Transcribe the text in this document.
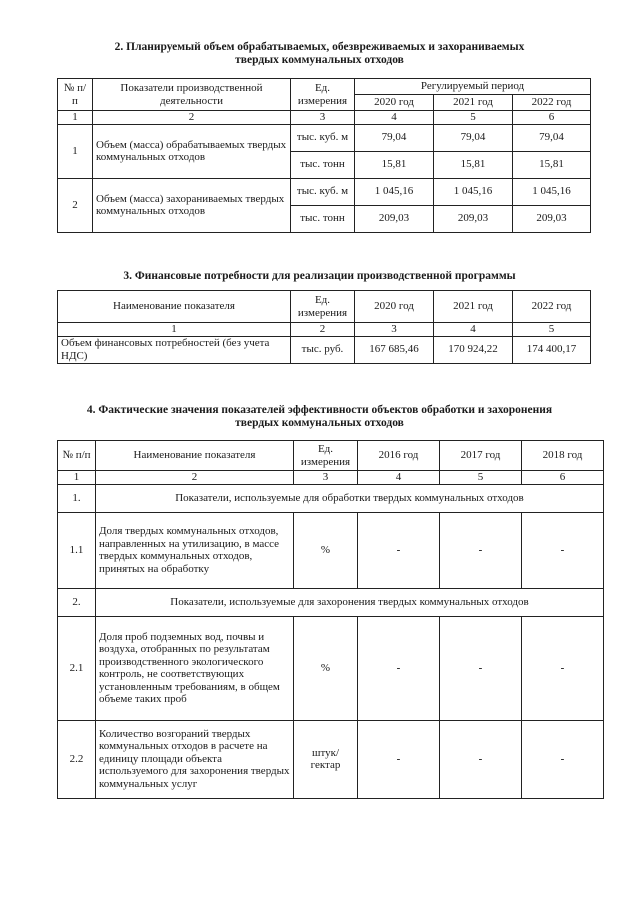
2. Планируемый объем обрабатываемых, обезвреживаемых и захораниваемых
твердых коммунальных отходов
№ п/п	Показатели производственной деятельности	Ед. измерения	Регулируемый период		
			2020 год	2021 год	2022 год
1	2	3	4	5	6
1	Объем (масса) обрабатываемых твердых коммунальных отходов	тыс. куб. м	79,04	79,04	79,04
		тыс. тонн	15,81	15,81	15,81
2	Объем (масса) захораниваемых твердых коммунальных отходов	тыс. куб. м	1 045,16	1 045,16	1 045,16
		тыс. тонн	209,03	209,03	209,03
3. Финансовые потребности для реализации производственной программы
Наименование показателя	Ед. измерения	2020 год	2021 год	2022 год
1	2	3	4	5
Объем финансовых потребностей (без учета НДС)	тыс. руб.	167 685,46	170 924,22	174 400,17
4. Фактические значения показателей эффективности объектов обработки и захоронения
твердых коммунальных отходов
№ п/п	Наименование показателя	Ед. измерения	2016 год	2017 год	2018 год
1	2	3	4	5	6
1.	Показатели, используемые для обработки твердых коммунальных отходов				
1.1	Доля твердых коммунальных отходов, направленных на утилизацию, в массе твердых коммунальных отходов, принятых на обработку	%	-	-	-
2.	Показатели, используемые для захоронения твердых коммунальных отходов				
2.1	Доля проб подземных вод, почвы и воздуха, отобранных по результатам производственного экологического контроль, не соответствующих установленным требованиям, в общем объеме таких проб	%	-	-	-
2.2	Количество возгораний твердых коммунальных отходов в расчете на единицу площади объекта используемого для захоронения твердых коммунальных услуг	штук/ гектар	-	-	-
